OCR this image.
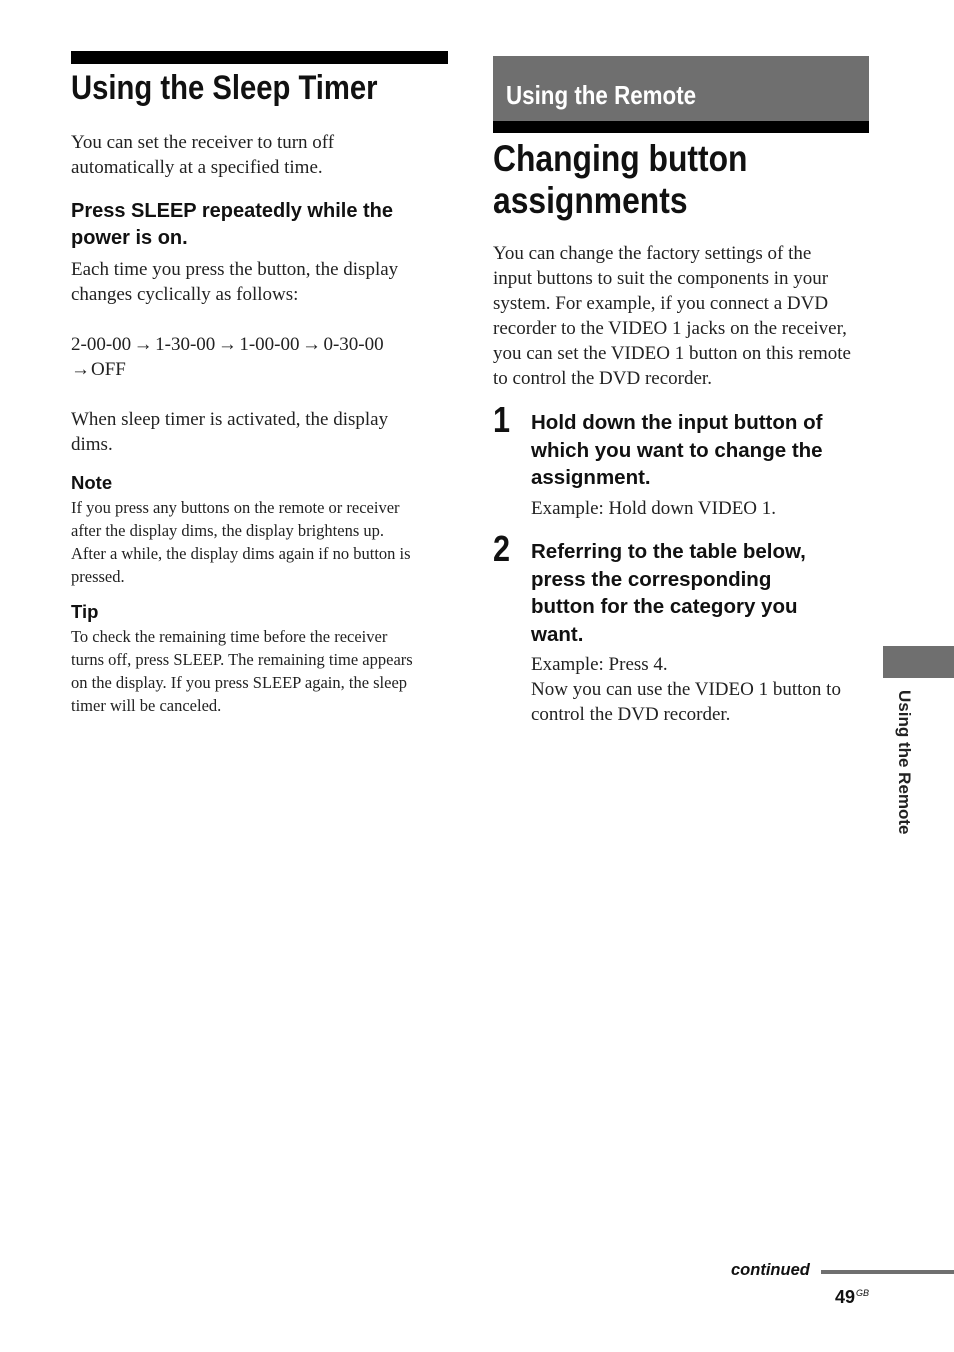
Using the Sleep Timer
You can set the receiver to turn off
automatically at a specified time.
Press SLEEP repeatedly while the
power is on.
Each time you press the button, the display
changes cyclically as follows:
2-00-00 → 1-30-00 → 1-00-00 → 0-30-00
→OFF
When sleep timer is activated, the display
dims.
Note
If you press any buttons on the remote or receiver
after the display dims, the display brightens up.
After a while, the display dims again if no button is
pressed.
Tip
To check the remaining time before the receiver
turns off, press SLEEP. The remaining time appears
on the display. If you press SLEEP again, the sleep
timer will be canceled.
Using the Remote
Changing button
assignments
You can change the factory settings of the
input buttons to suit the components in your
system. For example, if you connect a DVD
recorder to the VIDEO 1 jacks on the receiver,
you can set the VIDEO 1 button on this remote
to control the DVD recorder.
1 Hold down the input button of
which you want to change the
assignment.
Example: Hold down VIDEO 1.
2 Referring to the table below,
press the corresponding
button for the category you
want.
Example: Press 4.
Now you can use the VIDEO 1 button to
control the DVD recorder.	Using the Remote
continued
$49^{GB}$
